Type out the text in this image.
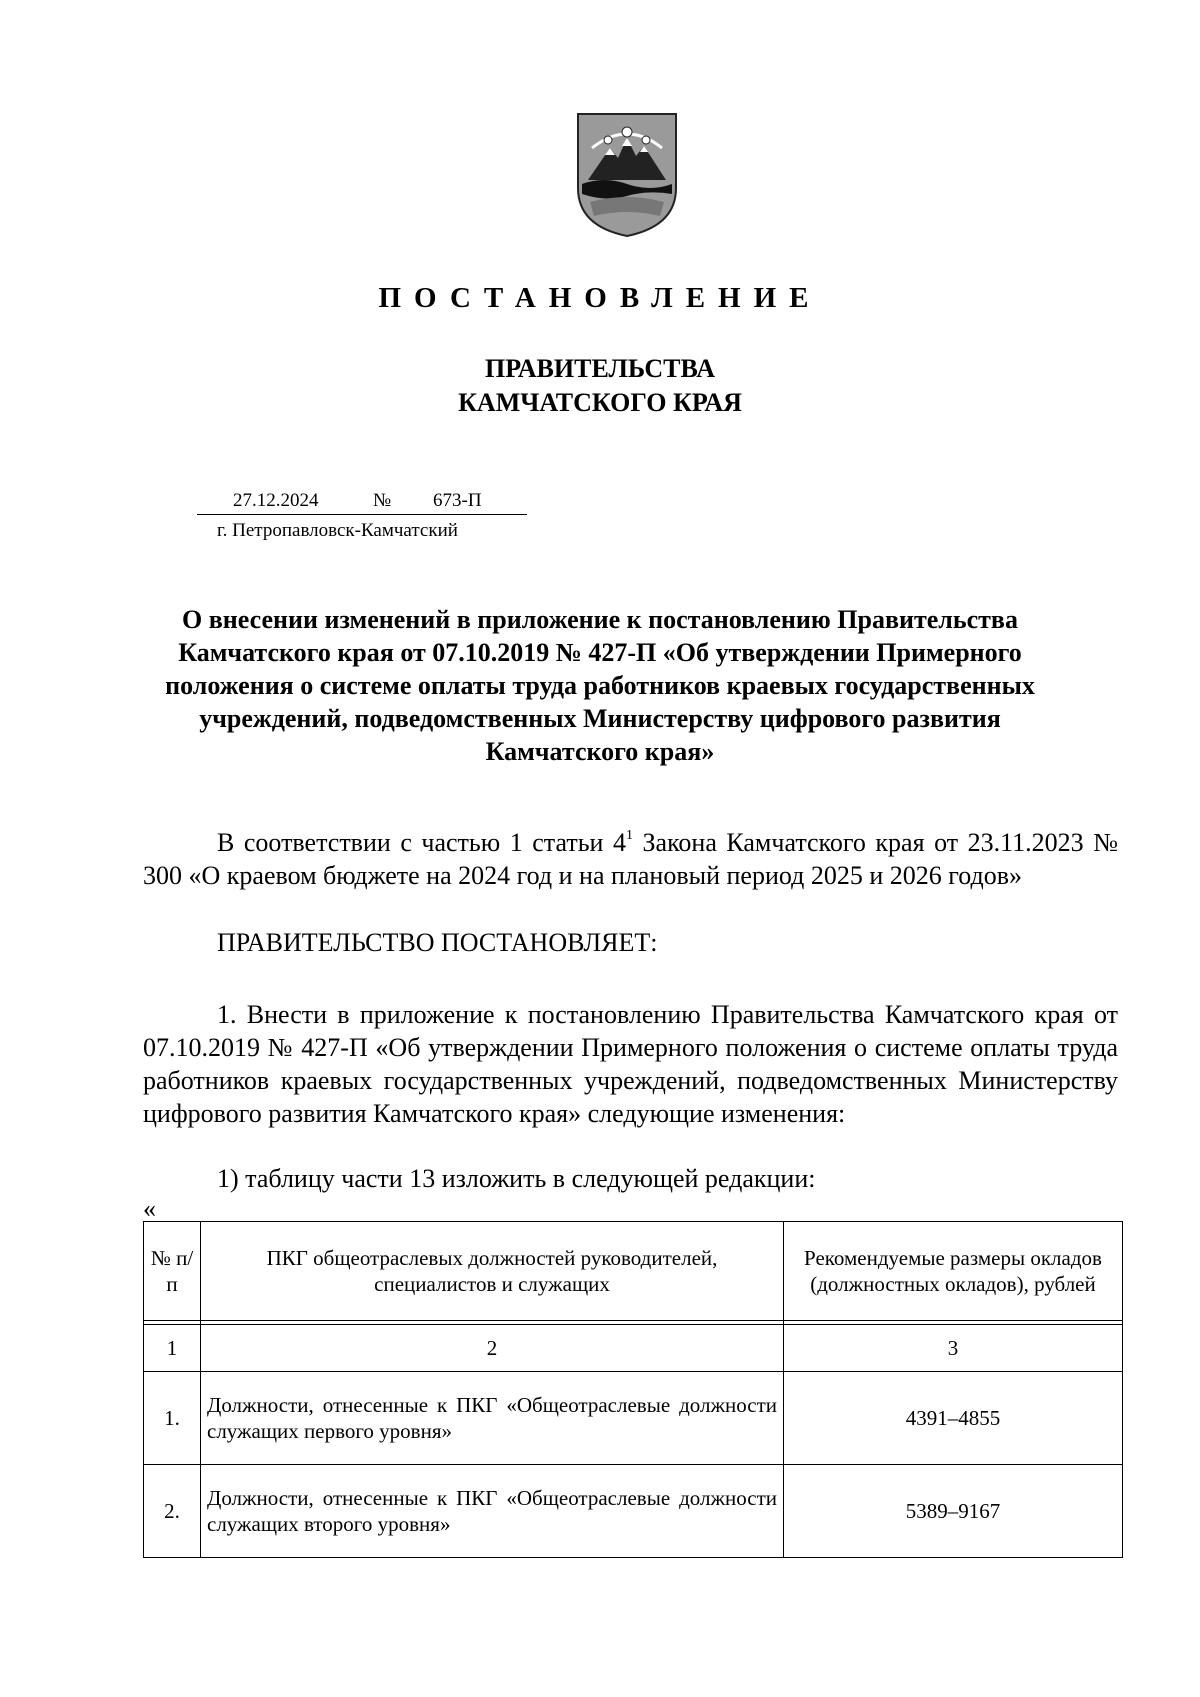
ПОСТАНОВЛЕНИЕ
ПРАВИТЕЛЬСТВА
КАМЧАТСКОГО КРАЯ
27.12.2024	№ 673-П
г. Петропавловск-Камчатский
О внесении изменений в приложение к постановлению Правительства Камчатского края от 07.10.2019 № 427-П «Об утверждении Примерного положения о системе оплаты труда работников краевых государственных учреждений, подведомственных Министерству цифрового развития Камчатского края»
В соответствии с частью 1 статьи $4^1$ Закона Камчатского края от 23.11.2023 № 300 «О краевом бюджете на 2024 год и на плановый период 2025 и 2026 годов»
ПРАВИТЕЛЬСТВО ПОСТАНОВЛЯЕТ:
1. Внести в приложение к постановлению Правительства Камчатского края от 07.10.2019 № 427-П «Об утверждении Примерного положения о системе оплаты труда работников краевых государственных учреждений, подведомственных Министерству цифрового развития Камчатского края» следующие изменения:
1) таблицу части 13 изложить в следующей редакции:
«
№ п/п	ПКГ общеотраслевых должностей руководителей, специалистов и служащих	Рекомендуемые размеры окладов (должностных окладов), рублей

1	2	3
1.	Должности, отнесенные к ПКГ «Общеотраслевые должности служащих первого уровня»	4391–4855
2.	Должности, отнесенные к ПКГ «Общеотраслевые должности служащих второго уровня»	5389–9167
